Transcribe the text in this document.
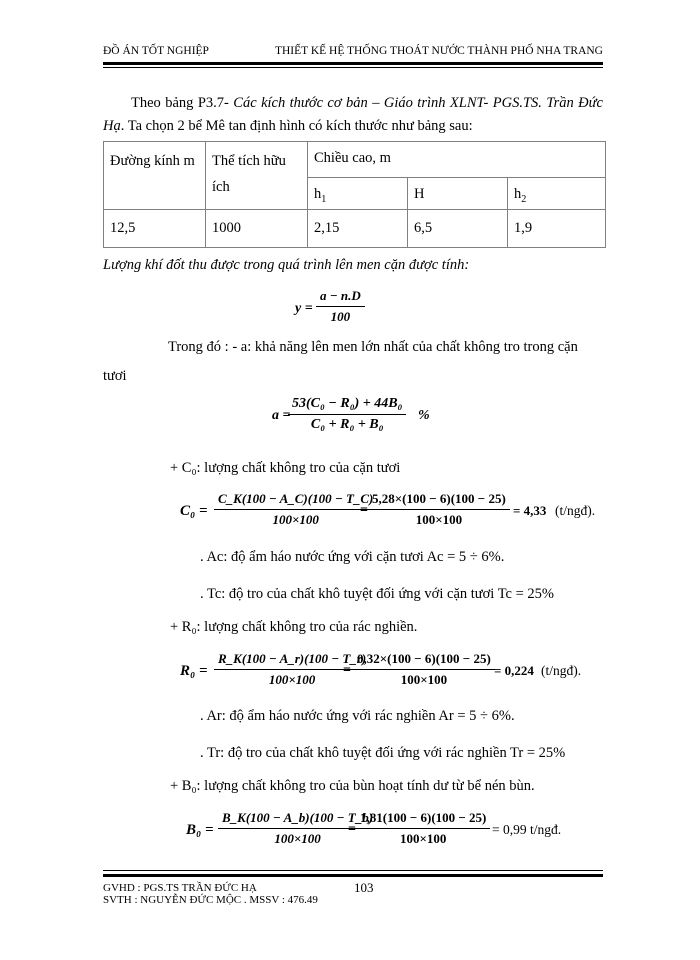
ĐỒ ÁN TỐT NGHIỆP	THIẾT KẾ HỆ THỐNG THOÁT NƯỚC THÀNH PHỐ NHA TRANG
Theo bảng P3.7- Các kích thước cơ bản – Giáo trình XLNT- PGS.TS. Trần Đức Hạ. Ta chọn 2 bể Mê tan định hình có kích thước như bảng sau:
Đường kính m	Thể tích hữu ích	Chiều cao, m		
		$h_1$	H	$h_2$
12,5	1000	2,15	6,5	1,9
Lượng khí đốt thu được trong quá trình lên men cặn được tính:
$y = \frac{a - n.D}{100}$
Trong đó : - a: khả năng lên men lớn nhất của chất không tro trong cặn
tươi
$a = \frac{\text{53(C₀ − R₀) + 44B₀}}{\text{C₀ + R₀ + B₀}}$ %
+ C₀: lượng chất không tro của cặn tươi
$C_0 = \frac{C\_K(100 - A\_C)(100 - T\_C)}{100\times 100}$
= $\frac{5,28\times(100 - 6)(100 - 25)}{100\times 100} = 4,33$ (t/ngđ).
. Ac: độ ẩm háo nước ứng với cặn tươi Ac = 5 ÷ 6%.
. Tc: độ tro của chất khô tuyệt đối ứng với cặn tươi Tc = 25%
+ R₀: lượng chất không tro của rác nghiền.
$R_0 = \frac{R\_K(100 - A\_r)(100 - T\_r)}{100\times 100}$
= $\frac{0,32\times(100 - 6)(100 - 25)}{100\times 100} = 0,224$ (t/ngđ).
. Ar: độ ẩm háo nước ứng với rác nghiền Ar = 5 ÷ 6%.
. Tr: độ tro của chất khô tuyệt đối ứng với rác nghiền Tr = 25%
+ B₀: lượng chất không tro của bùn hoạt tính dư từ bể nén bùn.
$B_0 = \frac{B\_K(100 - A\_b)(100 - T\_b)}{100\times 100}$
= $\frac{1,81(100 - 6)(100 - 25)}{100\times 100} = 0,99$ t/ngđ.
GVHD : PGS.TS TRẦN ĐỨC HẠ
SVTH : NGUYỄN ĐỨC MỘC . MSSV : 476.49
103
